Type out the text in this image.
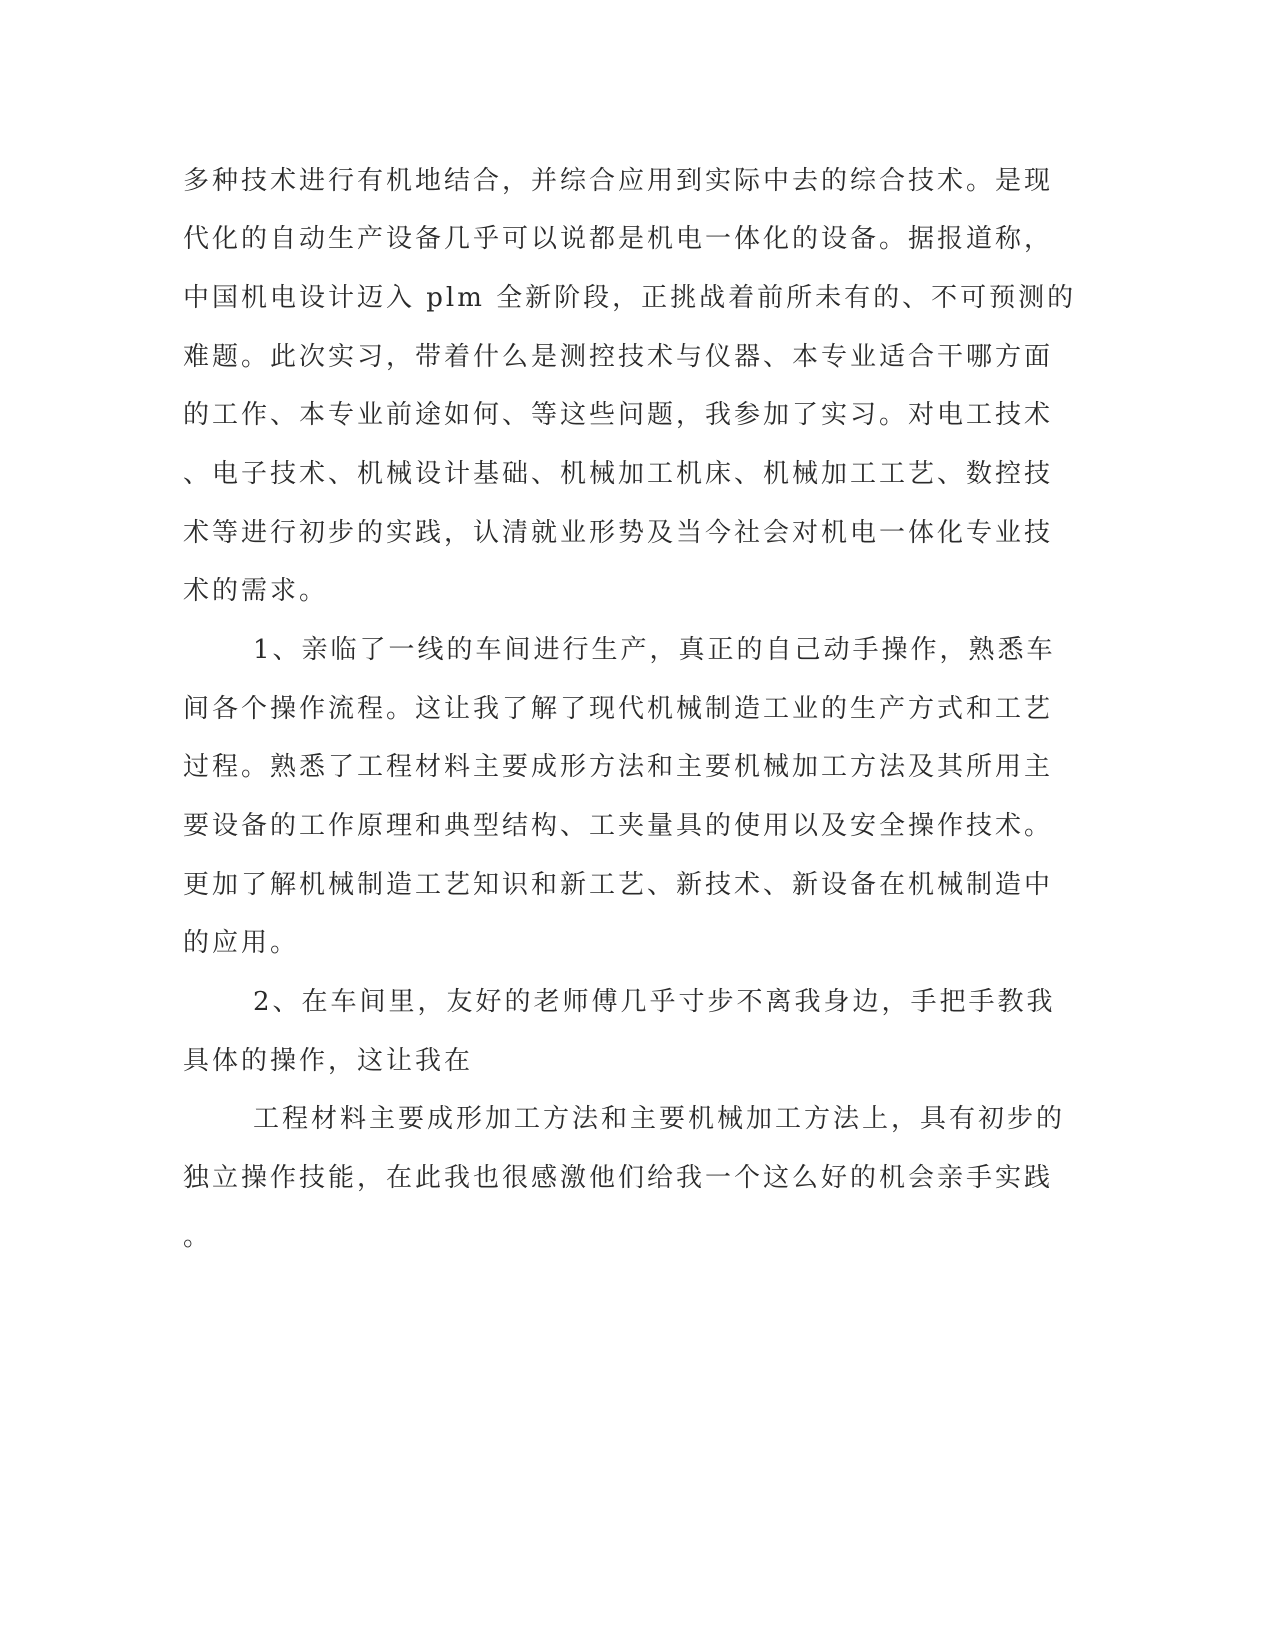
多种技术进行有机地结合，并综合应用到实际中去的综合技术。是现
代化的自动生产设备几乎可以说都是机电一体化的设备。据报道称，
中国机电设计迈入 plm 全新阶段，正挑战着前所未有的、不可预测的
难题。此次实习，带着什么是测控技术与仪器、本专业适合干哪方面
的工作、本专业前途如何、等这些问题，我参加了实习。对电工技术
、电子技术、机械设计基础、机械加工机床、机械加工工艺、数控技
术等进行初步的实践，认清就业形势及当今社会对机电一体化专业技
术的需求。
1、亲临了一线的车间进行生产，真正的自己动手操作，熟悉车
间各个操作流程。这让我了解了现代机械制造工业的生产方式和工艺
过程。熟悉了工程材料主要成形方法和主要机械加工方法及其所用主
要设备的工作原理和典型结构、工夹量具的使用以及安全操作技术。
更加了解机械制造工艺知识和新工艺、新技术、新设备在机械制造中
的应用。
2、在车间里，友好的老师傅几乎寸步不离我身边，手把手教我
具体的操作，这让我在
工程材料主要成形加工方法和主要机械加工方法上，具有初步的
独立操作技能，在此我也很感激他们给我一个这么好的机会亲手实践
。
